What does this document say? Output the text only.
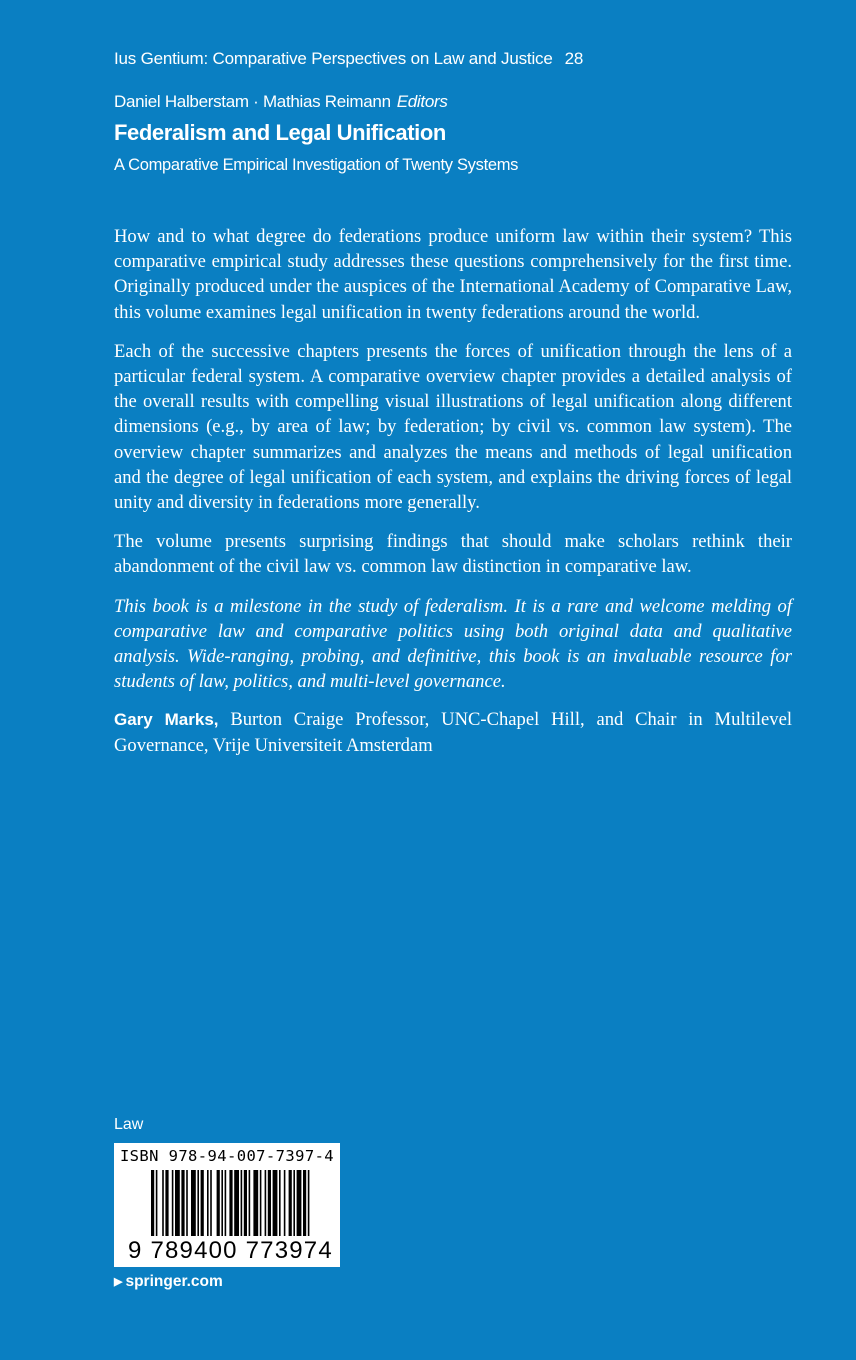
Ius Gentium: Comparative Perspectives on Law and Justice 28
Daniel Halberstam · Mathias Reimann Editors
Federalism and Legal Unification
A Comparative Empirical Investigation of Twenty Systems

How and to what degree do federations produce uniform law within their system? This comparative empirical study addresses these questions comprehensively for the first time. Originally produced under the auspices of the International Academy of Comparative Law, this volume examines legal unification in twenty federations around the world.

Each of the successive chapters presents the forces of unification through the lens of a particular federal system. A comparative overview chapter provides a detailed analysis of the overall results with compelling visual illustrations of legal unification along different dimensions (e.g., by area of law; by federation; by civil vs. common law system). The overview chapter summarizes and analyzes the means and methods of legal unification and the degree of legal unification of each system, and explains the driving forces of legal unity and diversity in federations more generally.

The volume presents surprising findings that should make scholars rethink their abandonment of the civil law vs. common law distinction in comparative law.

This book is a milestone in the study of federalism. It is a rare and welcome melding of comparative law and comparative politics using both original data and qualitative analysis. Wide-ranging, probing, and definitive, this book is an invaluable resource for students of law, politics, and multi-level governance.

Gary Marks, Burton Craige Professor, UNC-Chapel Hill, and Chair in Multilevel Governance, Vrije Universiteit Amsterdam

Law
ISBN 978-94-007-7397-4
9 789400 773974
▶ springer.com
